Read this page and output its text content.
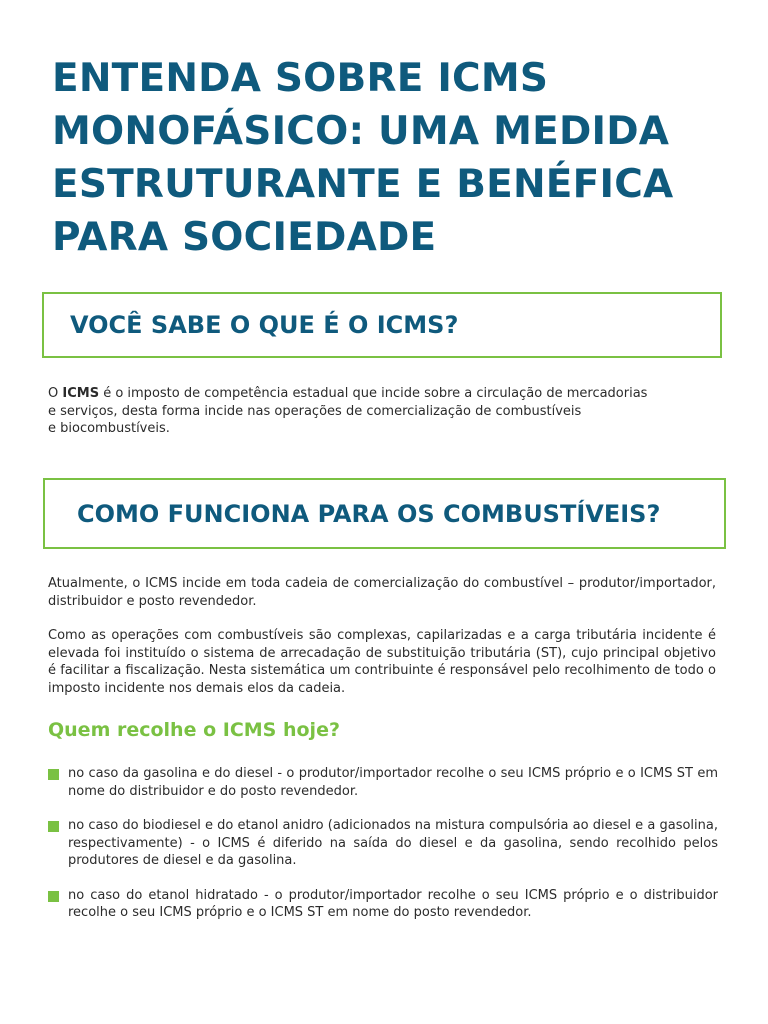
ENTENDA SOBRE ICMS MONOFÁSICO: UMA MEDIDA ESTRUTURANTE E BENÉFICA PARA SOCIEDADE
VOCÊ SABE O QUE É O ICMS?

O ICMS é o imposto de competência estadual que incide sobre a circulação de mercadorias
e serviços, desta forma incide nas operações de comercialização de combustíveis
e biocombustíveis.

COMO FUNCIONA PARA OS COMBUSTÍVEIS?

Atualmente, o ICMS incide em toda cadeia de comercialização do combustível – produtor/importador, distribuidor e posto revendedor.

Como as operações com combustíveis são complexas, capilarizadas e a carga tributária incidente é elevada foi instituído o sistema de arrecadação de substituição tributária (ST), cujo principal objetivo é facilitar a fiscalização. Nesta sistemática um contribuinte é responsável pelo recolhimento de todo o imposto incidente nos demais elos da cadeia.

Quem recolhe o ICMS hoje?
no caso da gasolina e do diesel - o produtor/importador recolhe o seu ICMS próprio e o ICMS ST em nome do distribuidor e do posto revendedor.
no caso do biodiesel e do etanol anidro (adicionados na mistura compulsória ao diesel e a gasolina, respectivamente) - o ICMS é diferido na saída do diesel e da gasolina, sendo recolhido pelos produtores de diesel e da gasolina.
no caso do etanol hidratado - o produtor/importador recolhe o seu ICMS próprio e o distribuidor recolhe o seu ICMS próprio e o ICMS ST em nome do posto revendedor.
